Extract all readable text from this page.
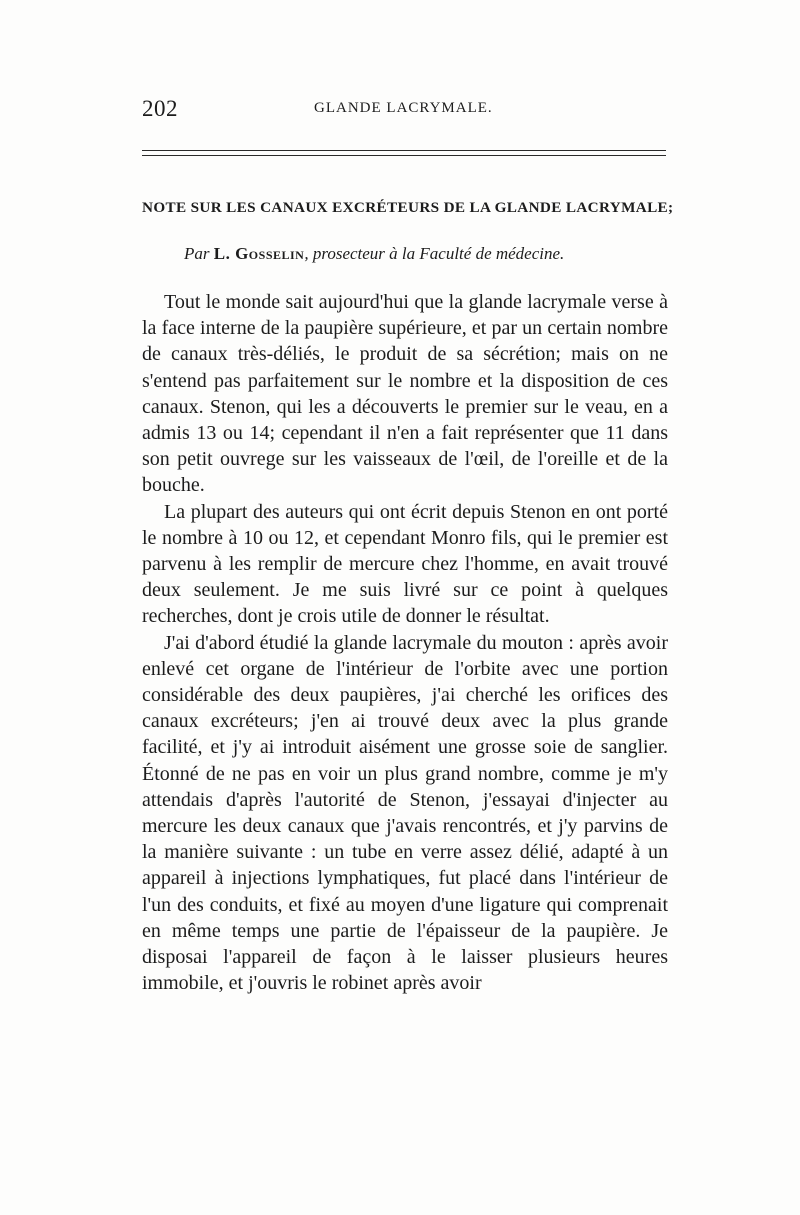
202	GLANDE LACRYMALE.
NOTE SUR LES CANAUX EXCRÉTEURS DE LA GLANDE LACRYMALE;
Par L. Gosselin, prosecteur à la Faculté de médecine.

Tout le monde sait aujourd'hui que la glande lacrymale verse à la face interne de la paupière supérieure, et par un certain nombre de canaux très-déliés, le produit de sa sécrétion; mais on ne s'entend pas parfaitement sur le nombre et la disposition de ces canaux. Stenon, qui les a découverts le premier sur le veau, en a admis 13 ou 14; cependant il n'en a fait représenter que 11 dans son petit ouvrege sur les vaisseaux de l'œil, de l'oreille et de la bouche.

La plupart des auteurs qui ont écrit depuis Stenon en ont porté le nombre à 10 ou 12, et cependant Monro fils, qui le premier est parvenu à les remplir de mercure chez l'homme, en avait trouvé deux seulement. Je me suis livré sur ce point à quelques recherches, dont je crois utile de donner le résultat.

J'ai d'abord étudié la glande lacrymale du mouton : après avoir enlevé cet organe de l'intérieur de l'orbite avec une portion considérable des deux paupières, j'ai cherché les orifices des canaux excréteurs; j'en ai trouvé deux avec la plus grande facilité, et j'y ai introduit aisément une grosse soie de sanglier. Étonné de ne pas en voir un plus grand nombre, comme je m'y attendais d'après l'autorité de Stenon, j'essayai d'injecter au mercure les deux canaux que j'avais rencontrés, et j'y parvins de la manière suivante : un tube en verre assez délié, adapté à un appareil à injections lymphatiques, fut placé dans l'intérieur de l'un des conduits, et fixé au moyen d'une ligature qui comprenait en même temps une partie de l'épaisseur de la paupière. Je disposai l'appareil de façon à le laisser plusieurs heures immobile, et j'ouvris le robinet après avoir
